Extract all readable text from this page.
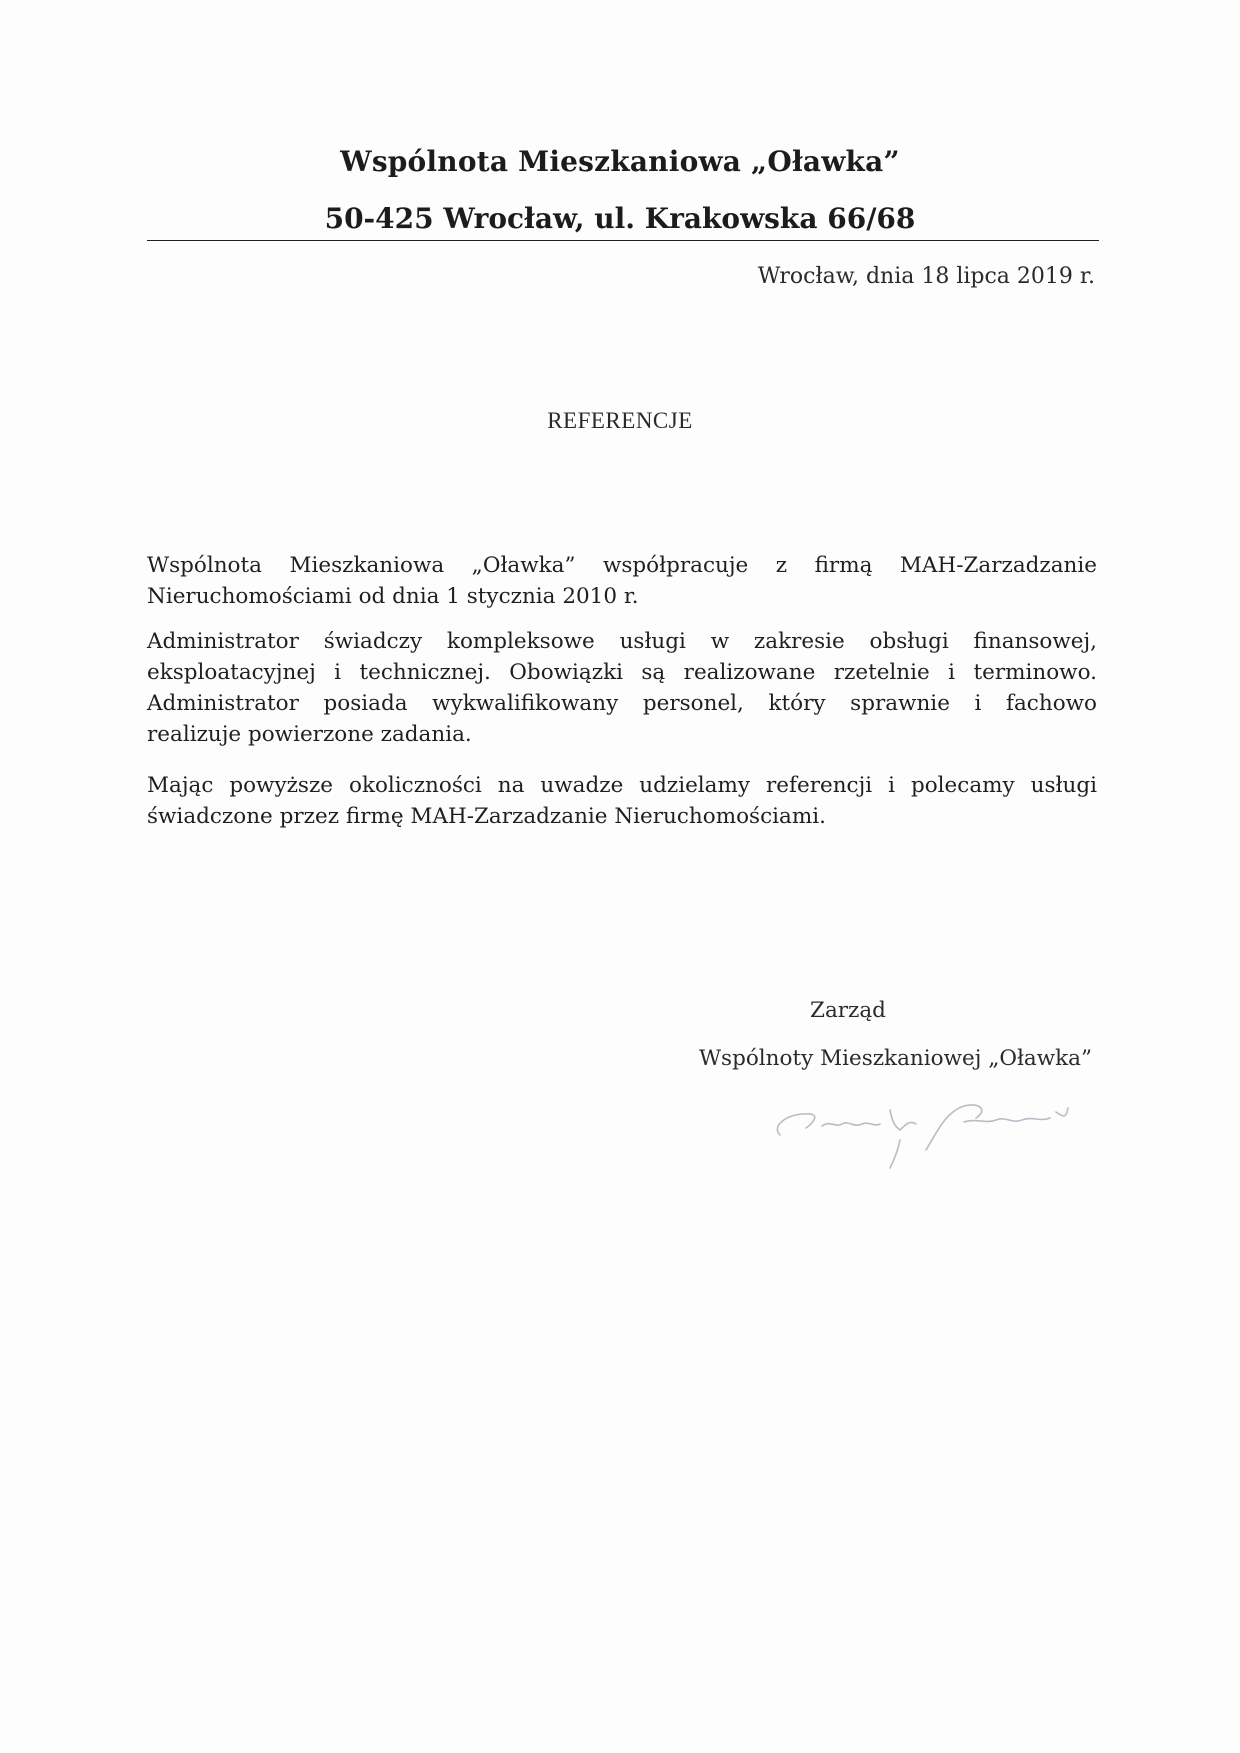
Wspólnota Mieszkaniowa „Oławka”
50-425 Wrocław, ul. Krakowska 66/68
Wrocław, dnia 18 lipca 2019 r.
REFERENCJE
Wspólnota Mieszkaniowa „Oławka” współpracuje z firmą MAH-Zarzadzanie
Nieruchomościami od dnia 1 stycznia 2010 r.
Administrator świadczy kompleksowe usługi w zakresie obsługi finansowej,
eksploatacyjnej i technicznej. Obowiązki są realizowane rzetelnie i terminowo.
Administrator posiada wykwalifikowany personel, który sprawnie i fachowo
realizuje powierzone zadania.
Mając powyższe okoliczności na uwadze udzielamy referencji i polecamy usługi
świadczone przez firmę MAH-Zarzadzanie Nieruchomościami.
Zarząd
Wspólnoty Mieszkaniowej „Oławka”
